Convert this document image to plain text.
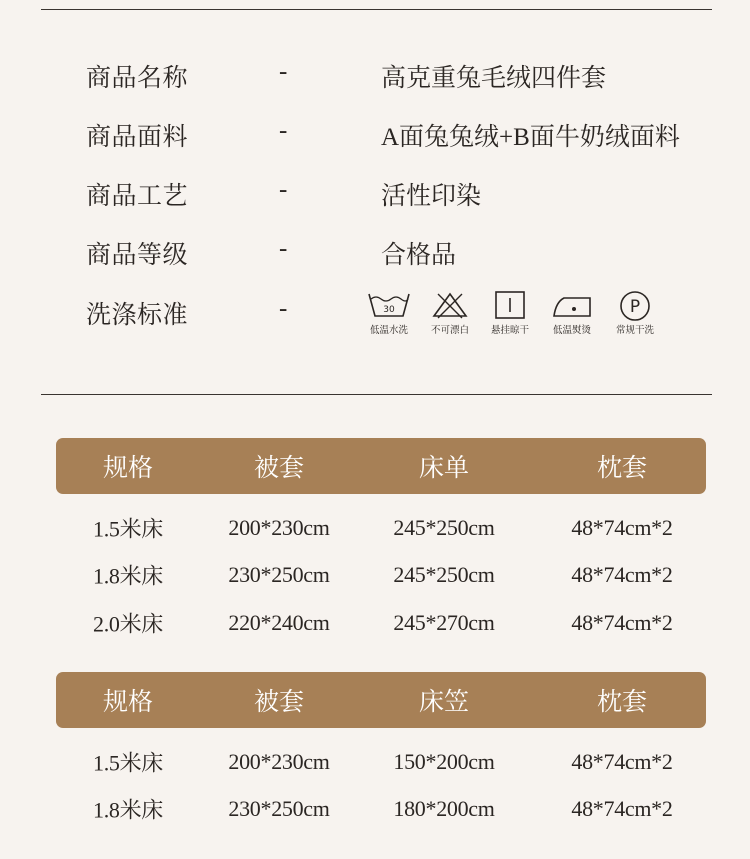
商品名称	-	高克重兔毛绒四件套
商品面料	-	A面兔兔绒+B面牛奶绒面料
商品工艺	-	活性印染
商品等级	-	合格品
洗涤标准	-	30
低温水洗	不可漂白	悬挂晾干	低温熨烫
P
常规干洗
规格	被套	床单	枕套
1.5米床	200*230cm	245*250cm	48*74cm*2
1.8米床	230*250cm	245*250cm	48*74cm*2
2.0米床	220*240cm	245*270cm	48*74cm*2
规格	被套	床笠	枕套
1.5米床	200*230cm	150*200cm	48*74cm*2
1.8米床	230*250cm	180*200cm	48*74cm*2
